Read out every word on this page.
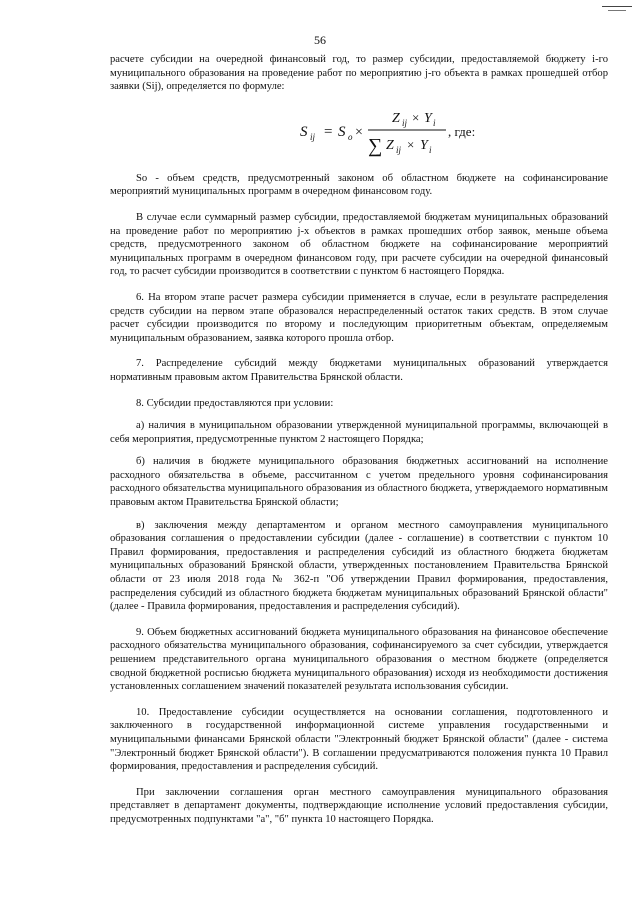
56

расчете субсидии на очередной финансовый год, то размер субсидии, предоставляемой бюджету i-го муниципального образования на проведение работ по мероприятию j-го объекта в рамках прошедшей отбор заявки (Sij), определяется по формуле:

S ij = S o ×
Z ij × Y i
∑ Z ij × Y i
, где:

So - объем средств, предусмотренный законом об областном бюджете на софинансирование мероприятий муниципальных программ в очередном финансовом году.

В случае если суммарный размер субсидии, предоставляемой бюджетам муниципальных образований на проведение работ по мероприятию j-х объектов в рамках прошедших отбор заявок, меньше объема средств, предусмотренного законом об областном бюджете на софинансирование мероприятий муниципальных программ в очередном финансовом году, при расчете субсидии на очередной финансовый год, то расчет субсидии производится в соответствии с пунктом 6 настоящего Порядка.

6. На втором этапе расчет размера субсидии применяется в случае, если в результате распределения средств субсидии на первом этапе образовался нераспределенный остаток таких средств. В этом случае расчет субсидии производится по второму и последующим приоритетным объектам, определяемым муниципальным образованием, заявка которого прошла отбор.

7. Распределение субсидий между бюджетами муниципальных образований утверждается нормативным правовым актом Правительства Брянской области.

8. Субсидии предоставляются при условии:

а) наличия в муниципальном образовании утвержденной муниципальной программы, включающей в себя мероприятия, предусмотренные пунктом 2 настоящего Порядка;

б) наличия в бюджете муниципального образования бюджетных ассигнований на исполнение расходного обязательства в объеме, рассчитанном с учетом предельного уровня софинансирования расходного обязательства муниципального образования из областного бюджета, утверждаемого нормативным правовым актом Правительства Брянской области;

в) заключения между департаментом и органом местного самоуправления муниципального образования соглашения о предоставлении субсидии (далее - соглашение) в соответствии с пунктом 10 Правил формирования, предоставления и распределения субсидий из областного бюджета бюджетам муниципальных образований Брянской области, утвержденных постановлением Правительства Брянской области от 23 июля 2018 года № 362-п "Об утверждении Правил формирования, предоставления, распределения субсидий из областного бюджета бюджетам муниципальных образований Брянской области" (далее - Правила формирования, предоставления и распределения субсидий).

9. Объем бюджетных ассигнований бюджета муниципального образования на финансовое обеспечение расходного обязательства муниципального образования, софинансируемого за счет субсидии, утверждается решением представительного органа муниципального образования о местном бюджете (определяется сводной бюджетной росписью бюджета муниципального образования) исходя из необходимости достижения установленных соглашением значений показателей результата использования субсидии.

10. Предоставление субсидии осуществляется на основании соглашения, подготовленного и заключенного в государственной информационной системе управления государственными и муниципальными финансами Брянской области "Электронный бюджет Брянской области" (далее - система "Электронный бюджет Брянской области"). В соглашении предусматриваются положения пункта 10 Правил формирования, предоставления и распределения субсидий.

При заключении соглашения орган местного самоуправления муниципального образования представляет в департамент документы, подтверждающие исполнение условий предоставления субсидии, предусмотренных подпунктами "а", "б" пункта 10 настоящего Порядка.
